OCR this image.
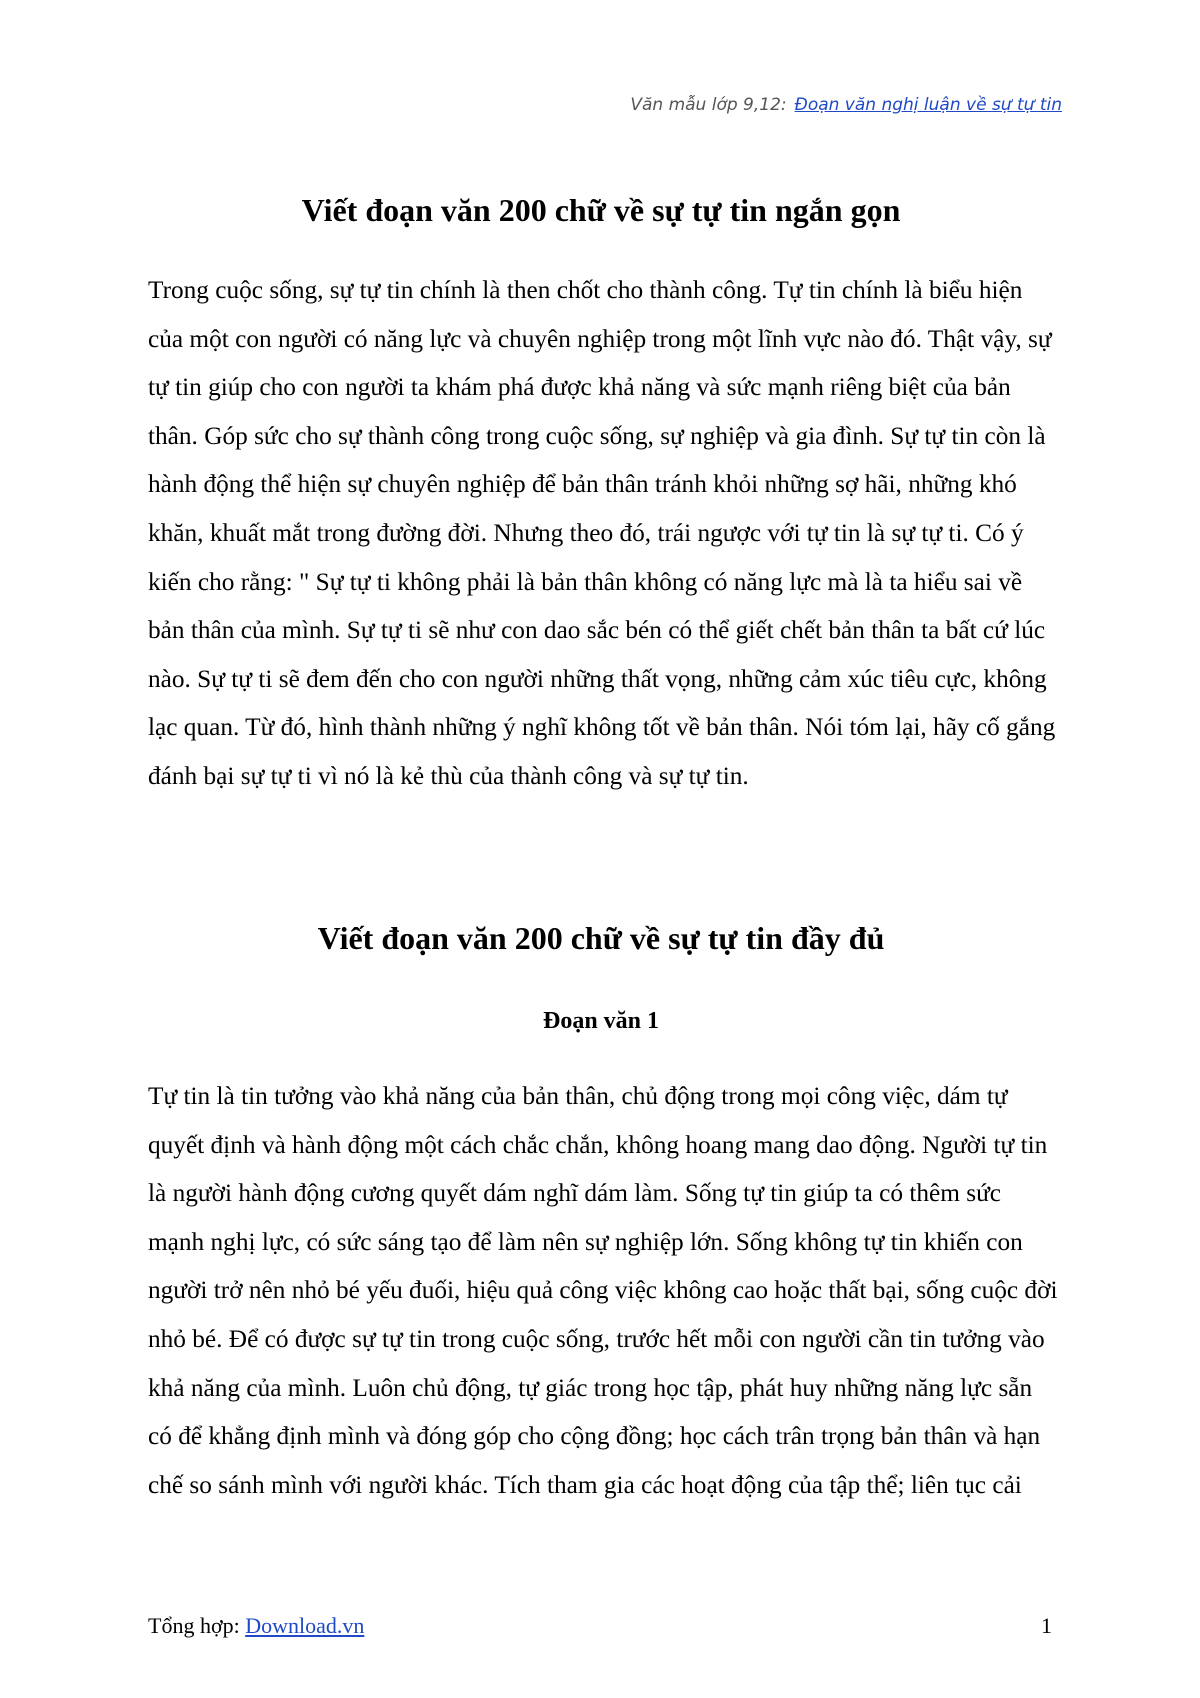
Văn mẫu lớp 9,12: Đoạn văn nghị luận về sự tự tin
Viết đoạn văn 200 chữ về sự tự tin ngắn gọn

Trong cuộc sống, sự tự tin chính là then chốt cho thành công. Tự tin chính là biểu hiện của một con người có năng lực và chuyên nghiệp trong một lĩnh vực nào đó. Thật vậy, sự tự tin giúp cho con người ta khám phá được khả năng và sức mạnh riêng biệt của bản thân. Góp sức cho sự thành công trong cuộc sống, sự nghiệp và gia đình. Sự tự tin còn là hành động thể hiện sự chuyên nghiệp để bản thân tránh khỏi những sợ hãi, những khó khăn, khuất mắt trong đường đời. Nhưng theo đó, trái ngược với tự tin là sự tự ti. Có ý kiến cho rằng: " Sự tự ti không phải là bản thân không có năng lực mà là ta hiểu sai về bản thân của mình. Sự tự ti sẽ như con dao sắc bén có thể giết chết bản thân ta bất cứ lúc nào. Sự tự ti sẽ đem đến cho con người những thất vọng, những cảm xúc tiêu cực, không lạc quan. Từ đó, hình thành những ý nghĩ không tốt về bản thân. Nói tóm lại, hãy cố gắng đánh bại sự tự ti vì nó là kẻ thù của thành công và sự tự tin.

Viết đoạn văn 200 chữ về sự tự tin đầy đủ
Đoạn văn 1

Tự tin là tin tưởng vào khả năng của bản thân, chủ động trong mọi công việc, dám tự quyết định và hành động một cách chắc chắn, không hoang mang dao động. Người tự tin là người hành động cương quyết dám nghĩ dám làm. Sống tự tin giúp ta có thêm sức mạnh nghị lực, có sức sáng tạo để làm nên sự nghiệp lớn. Sống không tự tin khiến con người trở nên nhỏ bé yếu đuối, hiệu quả công việc không cao hoặc thất bại, sống cuộc đời nhỏ bé. Để có được sự tự tin trong cuộc sống, trước hết mỗi con người cần tin tưởng vào khả năng của mình. Luôn chủ động, tự giác trong học tập, phát huy những năng lực sẵn có để khẳng định mình và đóng góp cho cộng đồng; học cách trân trọng bản thân và hạn chế so sánh mình với người khác. Tích tham gia các hoạt động của tập thể; liên tục cải

Tổng hợp: Download.vn	1
